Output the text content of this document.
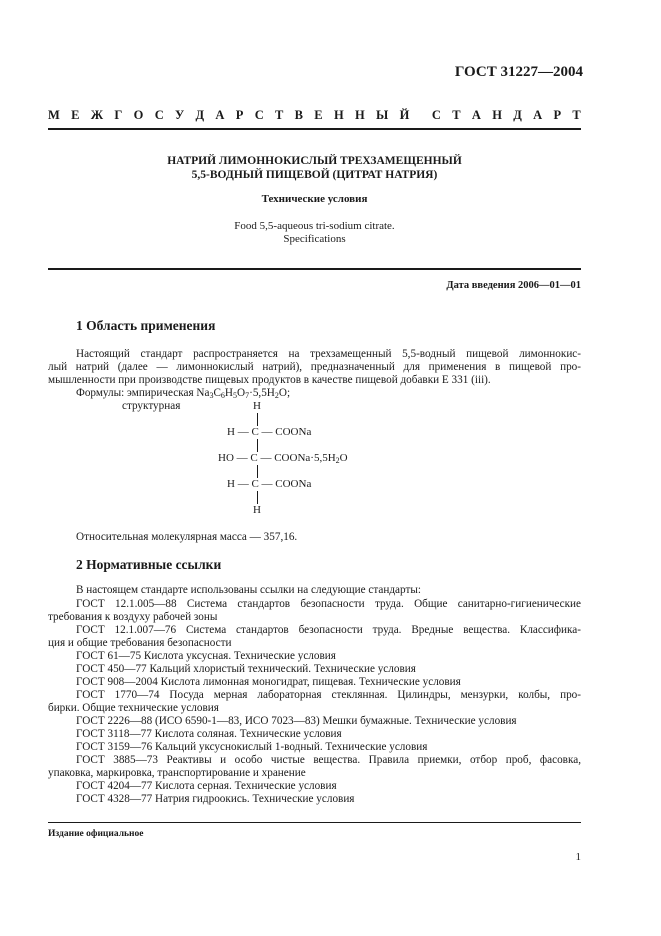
ГОСТ 31227—2004
М Е Ж Г О С У Д А Р С Т В Е Н Н Ы Й С Т А Н Д А Р Т
НАТРИЙ ЛИМОННОКИСЛЫЙ ТРЕХЗАМЕЩЕННЫЙ
5,5-ВОДНЫЙ ПИЩЕВОЙ (ЦИТРАТ НАТРИЯ)
Технические условия
Food 5,5-aqueous tri-sodium citrate.
Specifications
Дата введения 2006—01—01
1 Область применения
Настоящий стандарт распространяется на трехзамещенный 5,5-водный пищевой лимоннокис-
лый натрий (далее — лимоннокислый натрий), предназначенный для применения в пищевой про-
мышленности при производстве пищевых продуктов в качестве пищевой добавки Е 331 (iii).
Формулы: эмпирическая $Na_3C_6H_5O_7\cdot 5,5H_2O$;
структурная	H
H — C — COONa
HO — C — $COONa\cdot 5,5H_2O$
H — C — COONa
H
Относительная молекулярная масса — 357,16.
2 Нормативные ссылки
В настоящем стандарте использованы ссылки на следующие стандарты:
ГОСТ 12.1.005—88 Система стандартов безопасности труда. Общие санитарно-гигиенические
требования к воздуху рабочей зоны
ГОСТ 12.1.007—76 Система стандартов безопасности труда. Вредные вещества. Классифика-
ция и общие требования безопасности
ГОСТ 61—75 Кислота уксусная. Технические условия
ГОСТ 450—77 Кальций хлористый технический. Технические условия
ГОСТ 908—2004 Кислота лимонная моногидрат, пищевая. Технические условия
ГОСТ 1770—74 Посуда мерная лабораторная стеклянная. Цилиндры, мензурки, колбы, про-
бирки. Общие технические условия
ГОСТ 2226—88 (ИСО 6590-1—83, ИСО 7023—83) Мешки бумажные. Технические условия
ГОСТ 3118—77 Кислота соляная. Технические условия
ГОСТ 3159—76 Кальций уксуснокислый 1-водный. Технические условия
ГОСТ 3885—73 Реактивы и особо чистые вещества. Правила приемки, отбор проб, фасовка,
упаковка, маркировка, транспортирование и хранение
ГОСТ 4204—77 Кислота серная. Технические условия
ГОСТ 4328—77 Натрия гидроокись. Технические условия
Издание официальное
1
